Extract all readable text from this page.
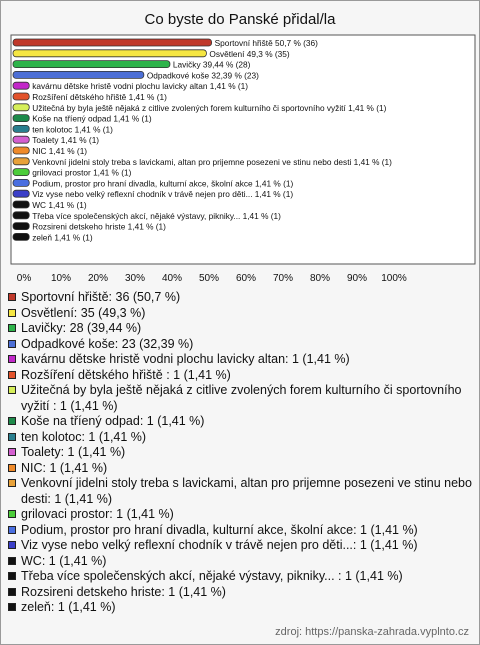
Co byste do Panské přidal/la
Sportovní hřiště 50,7 % (36)
Osvětlení 49,3 % (35)
Lavičky 39,44 % (28)
Odpadkové koše 32,39 % (23)
kavárnu dětske hristě vodni plochu lavicky altan 1,41 % (1)
Rozšíření dětského hřiště 1,41 % (1)
Užitečná by byla ještě nějaká z citlive zvolených forem kulturního či sportovního vyžití 1,41 % (1)
Koše na tříený odpad 1,41 % (1)
ten kolotoc 1,41 % (1)
Toalety 1,41 % (1)
NIC 1,41 % (1)
Venkovní jidelni stoly treba s lavickami, altan pro prijemne posezeni ve stinu nebo desti 1,41 % (1)
grilovaci prostor 1,41 % (1)
Podium, prostor pro hraní divadla, kulturní akce, školní akce 1,41 % (1)
Viz vyse nebo velký reflexní chodník v trávě nejen pro děti... 1,41 % (1)
WC 1,41 % (1)
Třeba více společenských akcí, nějaké výstavy, pikniky... 1,41 % (1)
Rozsireni detskeho hriste 1,41 % (1)
zeleň 1,41 % (1)
0% 10% 20% 30% 40% 50% 60% 70% 80% 90% 100%
Sportovní hřiště: 36 (50,7 %)
Osvětlení: 35 (49,3 %)
Lavičky: 28 (39,44 %)
Odpadkové koše: 23 (32,39 %)
kavárnu dětske hristě vodni plochu lavicky altan: 1 (1,41 %)
Rozšíření dětského hřiště : 1 (1,41 %)
Užitečná by byla ještě nějaká z citlive zvolených forem kulturního či sportovního vyžití : 1 (1,41 %)
Koše na tříený odpad: 1 (1,41 %)
ten kolotoc: 1 (1,41 %)
Toalety: 1 (1,41 %)
NIC: 1 (1,41 %)
Venkovní jidelni stoly treba s lavickami, altan pro prijemne posezeni ve stinu nebo desti: 1 (1,41 %)
grilovaci prostor: 1 (1,41 %)
Podium, prostor pro hraní divadla, kulturní akce, školní akce: 1 (1,41 %)
Viz vyse nebo velký reflexní chodník v trávě nejen pro děti...: 1 (1,41 %)
WC: 1 (1,41 %)
Třeba více společenských akcí, nějaké výstavy, pikniky... : 1 (1,41 %)
Rozsireni detskeho hriste: 1 (1,41 %)
zeleň: 1 (1,41 %)
zdroj: https://panska-zahrada.vyplnto.cz
